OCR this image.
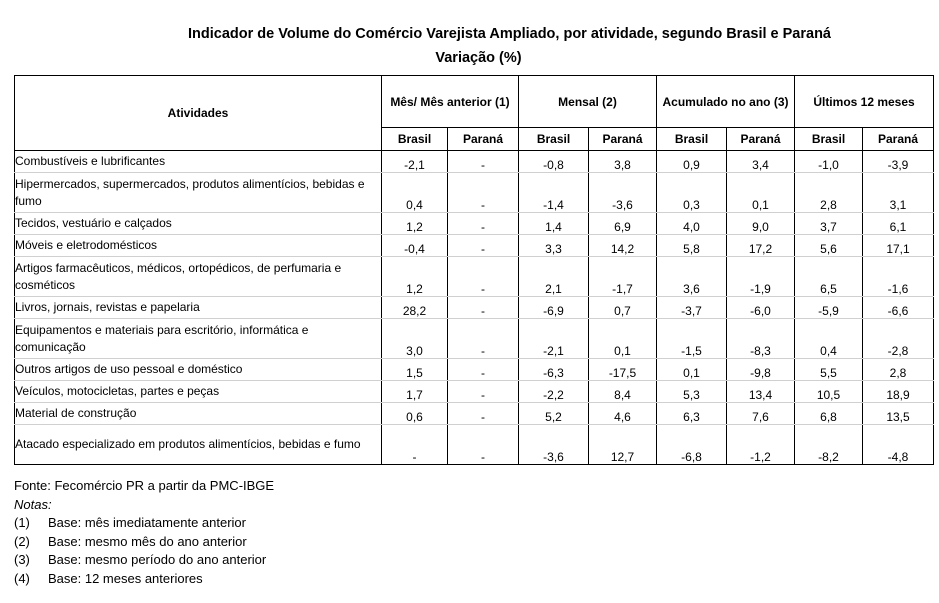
Indicador de Volume do Comércio Varejista Ampliado, por atividade, segundo Brasil e Paraná
Variação (%)
Atividades	Mês/ Mês anterior (1)		Mensal (2)		Acumulado no ano (3)		Últimos 12 meses	
	Brasil	Paraná	Brasil	Paraná	Brasil	Paraná	Brasil	Paraná
Combustíveis e lubrificantes	-2,1	-	-0,8	3,8	0,9	3,4	-1,0	-3,9
Hipermercados, supermercados, produtos alimentícios, bebidas e fumo	0,4	-	-1,4	-3,6	0,3	0,1	2,8	3,1
Tecidos, vestuário e calçados	1,2	-	1,4	6,9	4,0	9,0	3,7	6,1
Móveis e eletrodomésticos	-0,4	-	3,3	14,2	5,8	17,2	5,6	17,1
Artigos farmacêuticos, médicos, ortopédicos, de perfumaria e cosméticos	1,2	-	2,1	-1,7	3,6	-1,9	6,5	-1,6
Livros, jornais, revistas e papelaria	28,2	-	-6,9	0,7	-3,7	-6,0	-5,9	-6,6
Equipamentos e materiais para escritório, informática e comunicação	3,0	-	-2,1	0,1	-1,5	-8,3	0,4	-2,8
Outros artigos de uso pessoal e doméstico	1,5	-	-6,3	-17,5	0,1	-9,8	5,5	2,8
Veículos, motocicletas, partes e peças	1,7	-	-2,2	8,4	5,3	13,4	10,5	18,9
Material de construção	0,6	-	5,2	4,6	6,3	7,6	6,8	13,5
Atacado especializado em produtos alimentícios, bebidas e fumo	-	-	-3,6	12,7	-6,8	-1,2	-8,2	-4,8
Fonte: Fecomércio PR a partir da PMC-IBGE
Notas:
(1)	Base: mês imediatamente anterior
(2)	Base: mesmo mês do ano anterior
(3)	Base: mesmo período do ano anterior
(4)	Base: 12 meses anteriores
